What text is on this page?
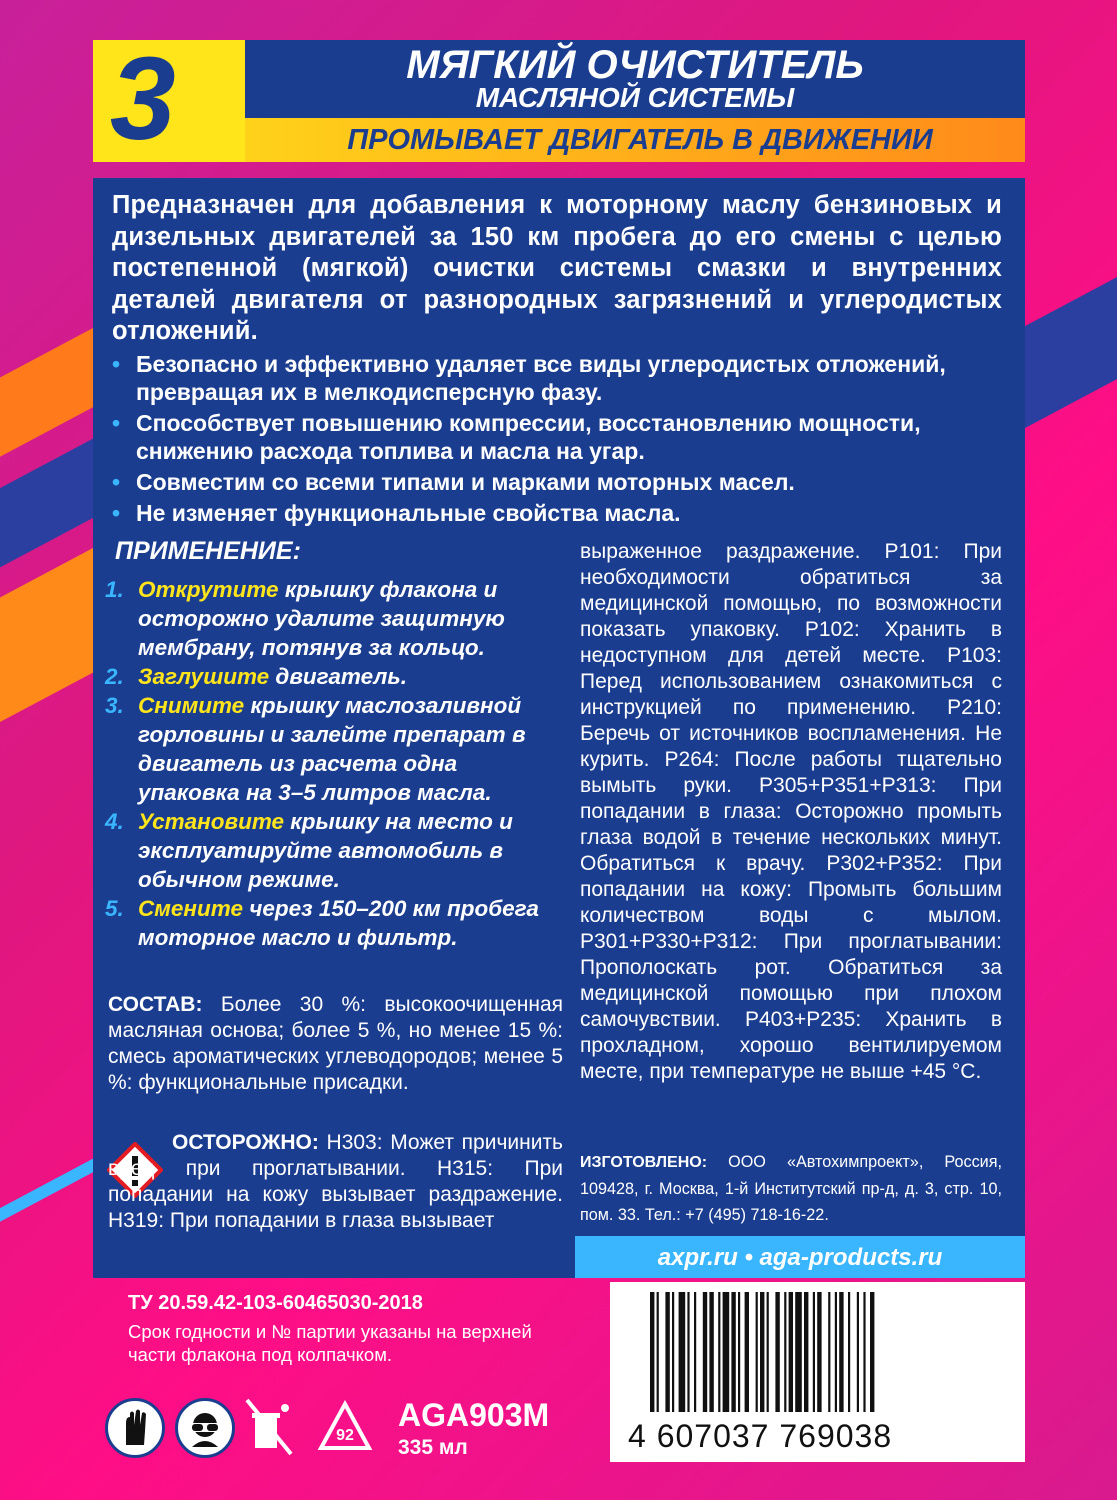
3	МЯГКИЙ ОЧИСТИТЕЛЬ
МАСЛЯНОЙ СИСТЕМЫ
ПРОМЫВАЕТ ДВИГАТЕЛЬ В ДВИЖЕНИИ
Предназначен для добавления к моторному маслу бензиновых и дизельных двигателей за 150 км пробега до его смены с целью постепенной (мягкой) очистки системы смазки и внутренних деталей двигателя от разнородных загрязнений и углеродистых отложений.
• Безопасно и эффективно удаляет все виды углеродистых отложений, превращая их в мелкодисперсную фазу.
• Способствует повышению компрессии, восстановлению мощности, снижению расхода топлива и масла на угар.
• Совместим со всеми типами и марками моторных масел.
• Не изменяет функциональные свойства масла.
ПРИМЕНЕНИЕ:
1. Открутите крышку флакона и осторожно удалите защитную мембрану, потянув за кольцо.
2. Заглушите двигатель.
3. Снимите крышку маслозаливной горловины и залейте препарат в двигатель из расчета одна упаковка на 3–5 литров масла.
4. Установите крышку на место и эксплуатируйте автомобиль в обычном режиме.
5. Смените через 150–200 км пробега моторное масло и фильтр.
СОСТАВ: Более 30 %: высокоочищенная масляная основа; более 5 %, но менее 15 %: смесь ароматических углеводородов; менее 5 %: функциональные присадки.
ОСТОРОЖНО: H303: Может причинить вред при проглатывании. H315: При попадании на кожу вызывает раздражение. H319: При попадании в глаза вызывает
выраженное раздражение. P101: При необходимости обратиться за медицинской помощью, по возможности показать упаковку. P102: Хранить в недоступном для детей месте. P103: Перед использованием ознакомиться с инструкцией по применению. P210: Беречь от источников воспламенения. Не курить. P264: После работы тщательно вымыть руки. P305+P351+P313: При попадании в глаза: Осторожно промыть глаза водой в течение нескольких минут. Обратиться к врачу. P302+P352: При попадании на кожу: Промыть большим количеством воды с мылом. P301+P330+P312: При проглатывании: Прополоскать рот. Обратиться за медицинской помощью при плохом самочувствии. P403+P235: Хранить в прохладном, хорошо вентилируемом месте, при температуре не выше +45 °С.
ИЗГОТОВЛЕНО: ООО «Автохимпроект», Россия, 109428, г. Москва, 1-й Институтский пр-д, д. 3, стр. 10, пом. 33. Тел.: +7 (495) 718-16-22.
axpr.ru • aga-products.ru
ТУ 20.59.42-103-60465030-2018
Срок годности и № партии указаны на верхней части флакона под колпачком.
4 607037 769038
92
AGA903M
335 мл
